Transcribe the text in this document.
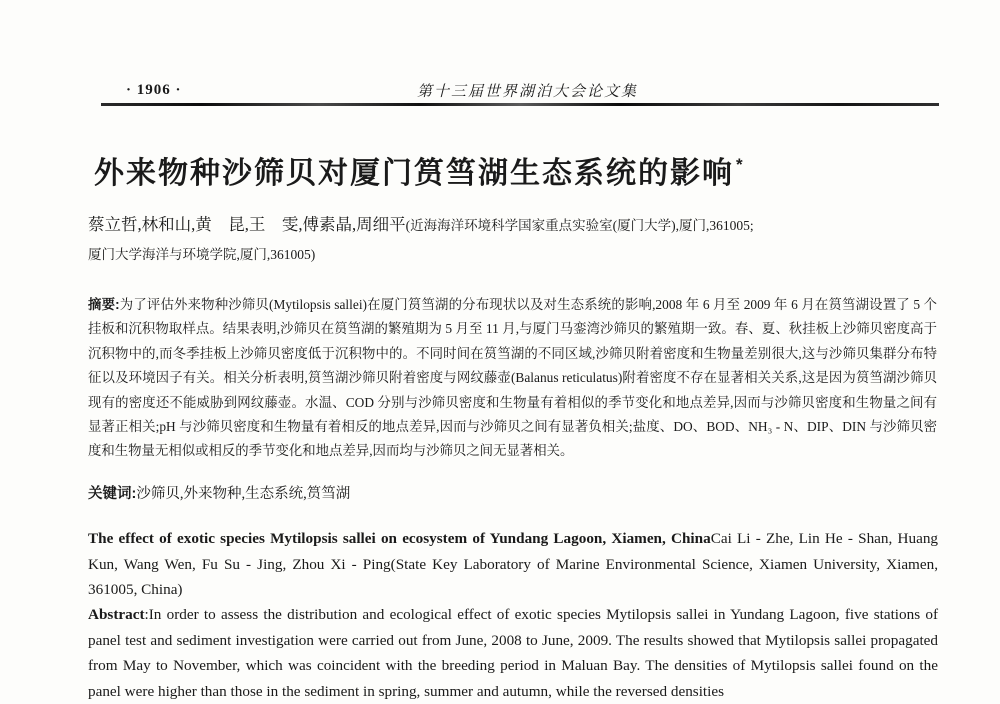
· 1906 ·	第十三届世界湖泊大会论文集
外来物种沙筛贝对厦门筼筜湖生态系统的影响 *

蔡立哲,林和山,黄　昆,王　雯,傅素晶,周细平(近海海洋环境科学国家重点实验室(厦门大学),厦门,361005;
厦门大学海洋与环境学院,厦门,361005)

摘要:为了评估外来物种沙筛贝(Mytilopsis sallei)在厦门筼筜湖的分布现状以及对生态系统的影响,2008 年 6 月至 2009 年 6 月在筼筜湖设置了 5 个挂板和沉积物取样点。结果表明,沙筛贝在筼筜湖的繁殖期为 5 月至 11 月,与厦门马銮湾沙筛贝的繁殖期一致。春、夏、秋挂板上沙筛贝密度高于沉积物中的,而冬季挂板上沙筛贝密度低于沉积物中的。不同时间在筼筜湖的不同区域,沙筛贝附着密度和生物量差别很大,这与沙筛贝集群分布特征以及环境因子有关。相关分析表明,筼筜湖沙筛贝附着密度与网纹藤壶(Balanus reticulatus)附着密度不存在显著相关关系,这是因为筼筜湖沙筛贝现有的密度还不能威胁到网纹藤壶。水温、COD 分别与沙筛贝密度和生物量有着相似的季节变化和地点差异,因而与沙筛贝密度和生物量之间有显著正相关;pH 与沙筛贝密度和生物量有着相反的地点差异,因而与沙筛贝之间有显著负相关;盐度、DO、BOD、NH₃ - N、DIP、DIN 与沙筛贝密度和生物量无相似或相反的季节变化和地点差异,因而均与沙筛贝之间无显著相关。

关键词:沙筛贝,外来物种,生态系统,筼筜湖

The effect of exotic species Mytilopsis sallei on ecosystem of Yundang Lagoon, Xiamen, ChinaCai Li - Zhe, Lin He - Shan, Huang Kun, Wang Wen, Fu Su - Jing, Zhou Xi - Ping(State Key Laboratory of Marine Environmental Science, Xiamen University, Xiamen, 361005, China)

Abstract:In order to assess the distribution and ecological effect of exotic species Mytilopsis sallei in Yundang Lagoon, five stations of panel test and sediment investigation were carried out from June, 2008 to June, 2009. The results showed that Mytilopsis sallei propagated from May to November, which was coincident with the breeding period in Maluan Bay. The densities of Mytilopsis sallei found on the panel were higher than those in the sediment in spring, summer and autumn, while the reversed densities
